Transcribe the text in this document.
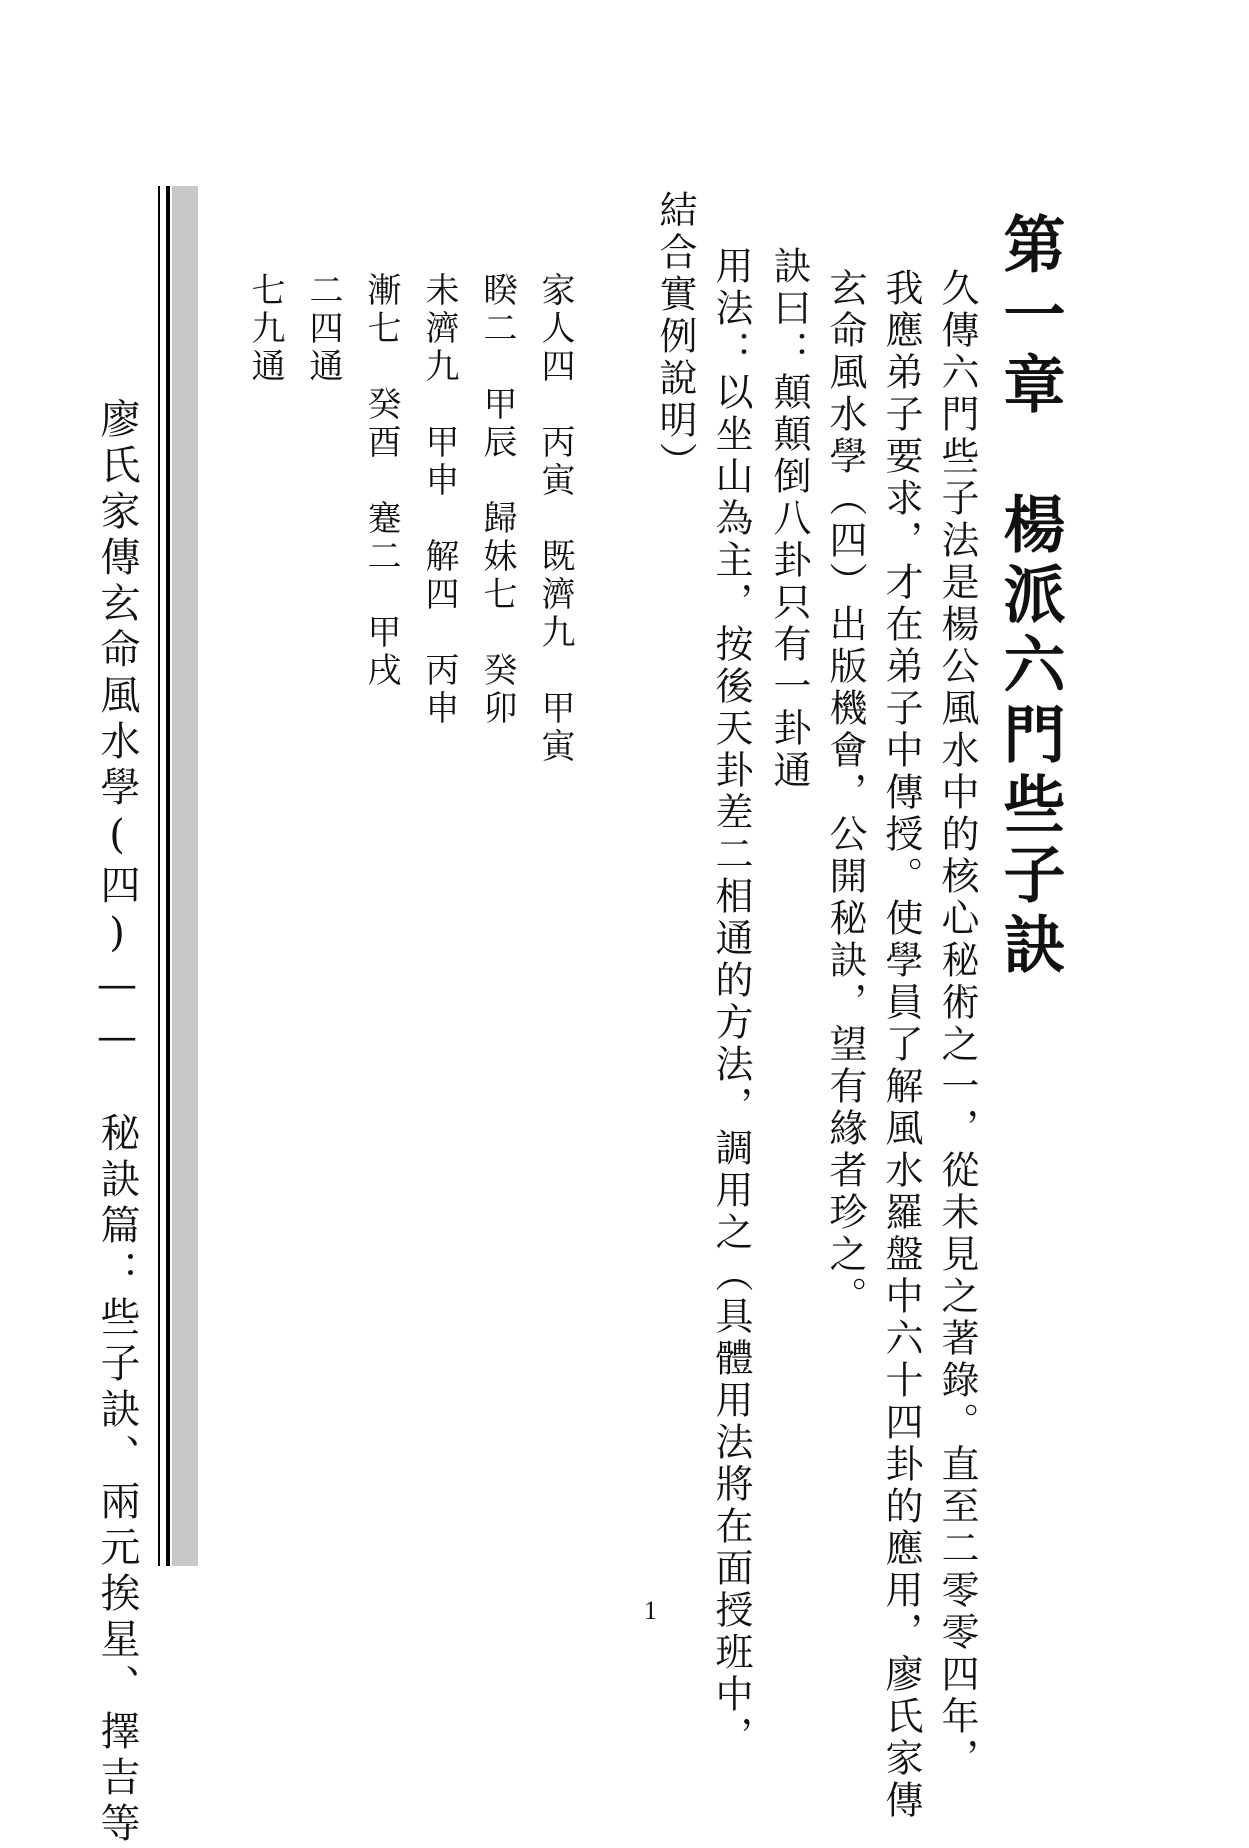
第一章　楊派六門些子訣
久傳六門些子法是楊公風水中的核心秘術之一，從未見之著錄。直至二零零四年，
我應弟子要求，才在弟子中傳授。使學員了解風水羅盤中六十四卦的應用，廖氏家傳
玄命風水學（四）出版機會，公開秘訣，望有緣者珍之。
訣曰：顛顛倒八卦只有一卦通
用法：以坐山為主，按後天卦差二相通的方法，調用之（具體用法將在面授班中，
結合實例說明）
家人四　丙寅　既濟九　甲寅
睽二　甲辰　歸妹七　癸卯
未濟九　甲申　解四　丙申
漸七　癸酉　蹇二　甲戌
二四通
七九通
廖氏家傳玄命風水學(四)——　秘訣篇：些子訣、兩元挨星、擇吉等	1
